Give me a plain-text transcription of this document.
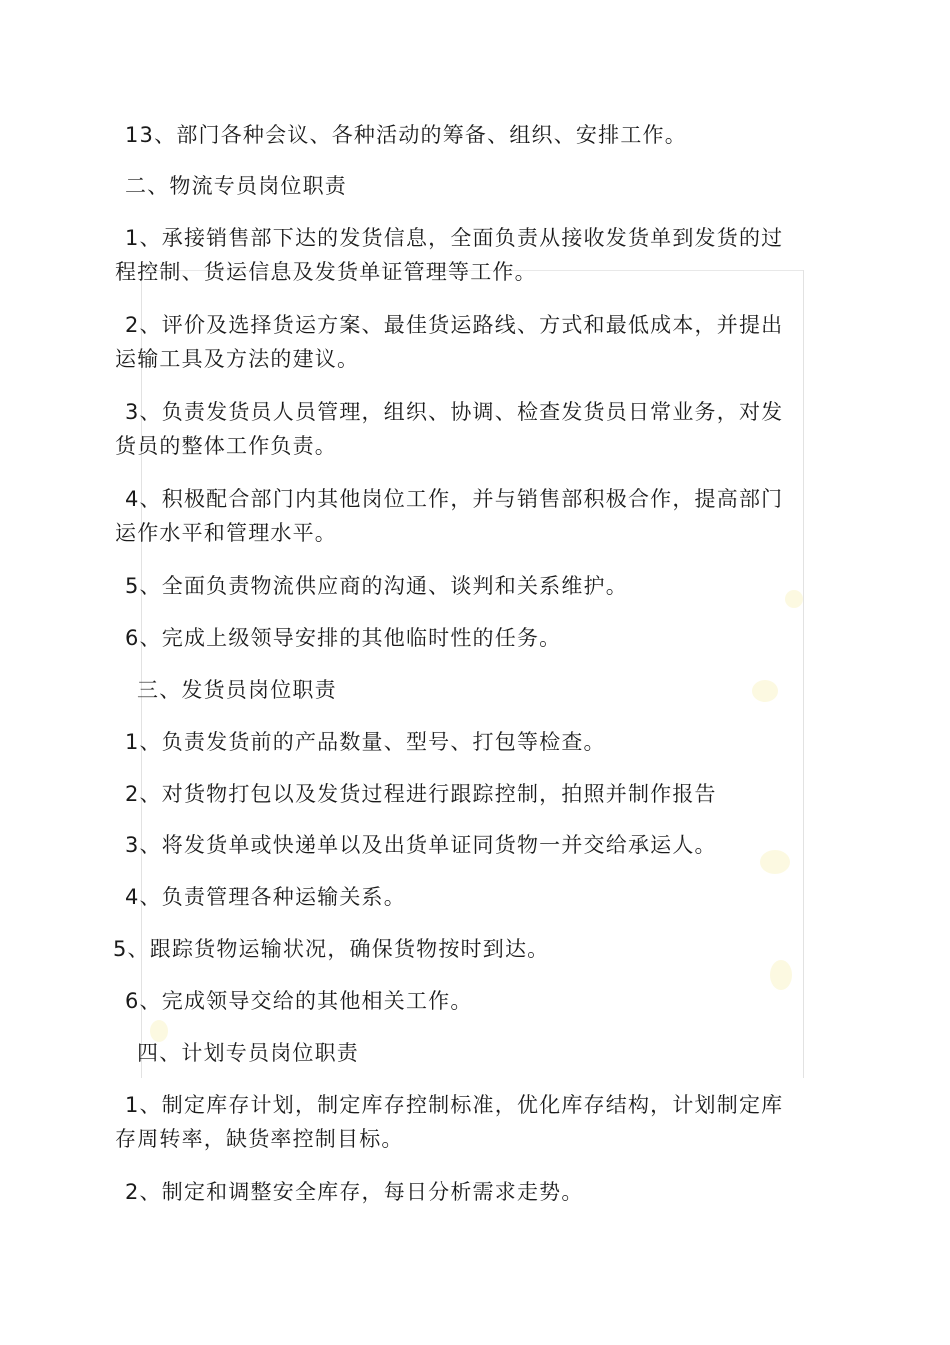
13、部门各种会议、各种活动的筹备、组织、安排工作。
二、物流专员岗位职责
1、承接销售部下达的发货信息，全面负责从接收发货单到发货的过
程控制、货运信息及发货单证管理等工作。
2、评价及选择货运方案、最佳货运路线、方式和最低成本，并提出
运输工具及方法的建议。
3、负责发货员人员管理，组织、协调、检查发货员日常业务，对发
货员的整体工作负责。
4、积极配合部门内其他岗位工作，并与销售部积极合作，提高部门
运作水平和管理水平。
5、全面负责物流供应商的沟通、谈判和关系维护。
6、完成上级领导安排的其他临时性的任务。
三、发货员岗位职责
1、负责发货前的产品数量、型号、打包等检查。
2、对货物打包以及发货过程进行跟踪控制，拍照并制作报告
3、将发货单或快递单以及出货单证同货物一并交给承运人。
4、负责管理各种运输关系。
5、跟踪货物运输状况，确保货物按时到达。
6、完成领导交给的其他相关工作。
四、计划专员岗位职责
1、制定库存计划，制定库存控制标准，优化库存结构，计划制定库
存周转率，缺货率控制目标。
2、制定和调整安全库存，每日分析需求走势。
